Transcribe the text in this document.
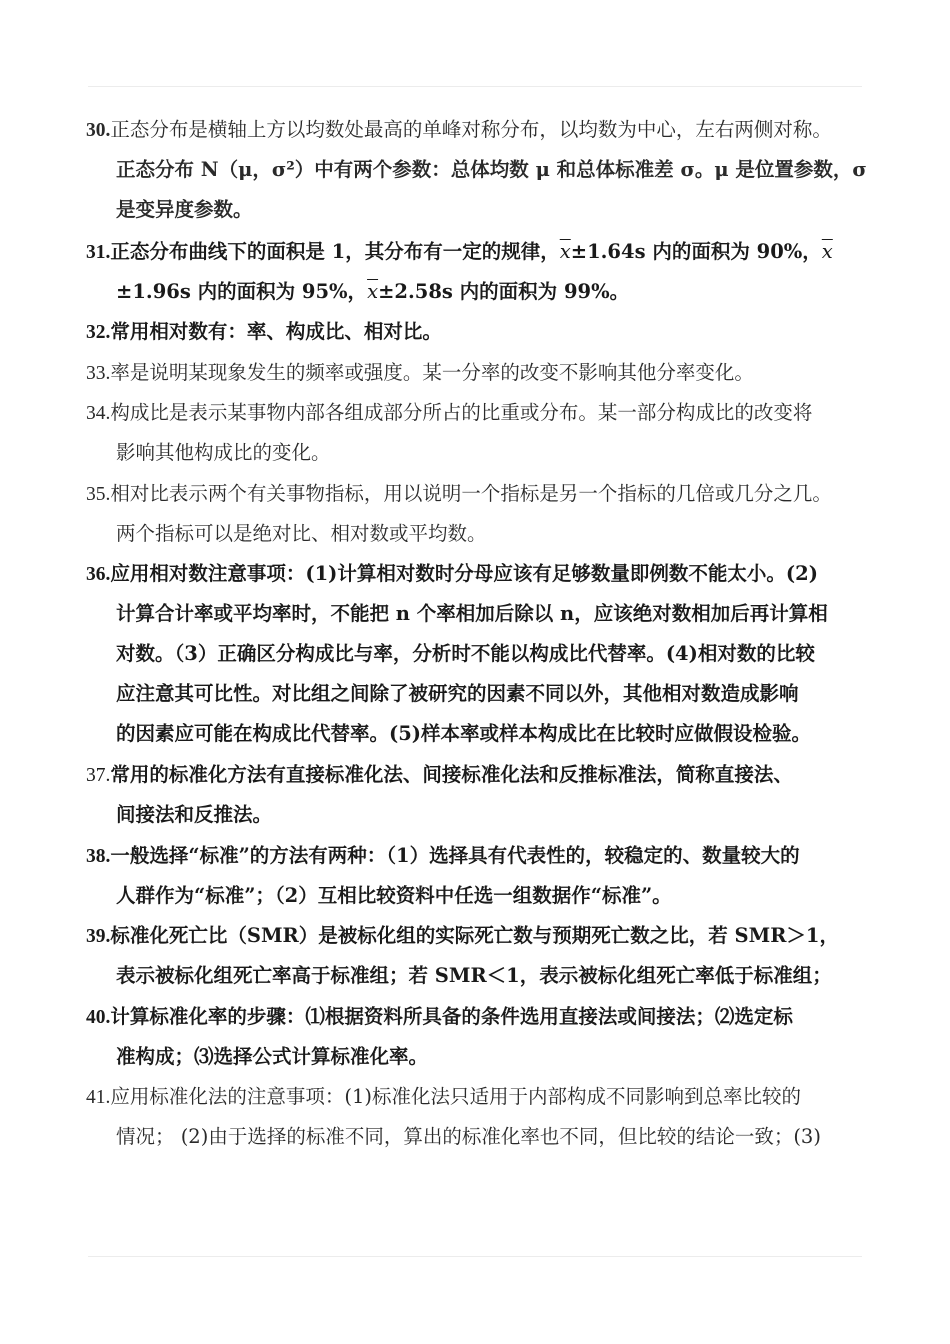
30.正态分布是横轴上方以均数处最高的单峰对称分布，以均数为中心，左右两侧对称。
正态分布 N（μ，σ²）中有两个参数：总体均数 μ 和总体标准差 σ。μ 是位置参数，σ
是变异度参数。
31.正态分布曲线下的面积是 1，其分布有一定的规律，$\overline{x}\pm 1.64s$ 内的面积为 90%，$\overline{x}$
±1.96s 内的面积为 95%，$\overline{x}\pm 2.58s$ 内的面积为 99%。
32.常用相对数有：率、构成比、相对比。
33.率是说明某现象发生的频率或强度。某一分率的改变不影响其他分率变化。
34.构成比是表示某事物内部各组成部分所占的比重或分布。某一部分构成比的改变将
影响其他构成比的变化。
35.相对比表示两个有关事物指标，用以说明一个指标是另一个指标的几倍或几分之几。
两个指标可以是绝对比、相对数或平均数。
36.应用相对数注意事项：(1)计算相对数时分母应该有足够数量即例数不能太小。(2)
计算合计率或平均率时，不能把 n 个率相加后除以 n，应该绝对数相加后再计算相
对数。（3）正确区分构成比与率，分析时不能以构成比代替率。(4)相对数的比较
应注意其可比性。对比组之间除了被研究的因素不同以外，其他相对数造成影响
的因素应可能在构成比代替率。(5)样本率或样本构成比在比较时应做假设检验。
37.常用的标准化方法有直接标准化法、间接标准化法和反推标准法，简称直接法、
间接法和反推法。
38.一般选择“标准”的方法有两种：（1）选择具有代表性的，较稳定的、数量较大的
人群作为“标准”；（2）互相比较资料中任选一组数据作“标准”。
39.标准化死亡比（SMR）是被标化组的实际死亡数与预期死亡数之比，若 SMR＞1，
表示被标化组死亡率高于标准组；若 SMR＜1，表示被标化组死亡率低于标准组；
40.计算标准化率的步骤：⑴根据资料所具备的条件选用直接法或间接法；⑵选定标
准构成；⑶选择公式计算标准化率。
41.应用标准化法的注意事项：(1)标准化法只适用于内部构成不同影响到总率比较的
情况； (2)由于选择的标准不同，算出的标准化率也不同，但比较的结论一致；(3)
